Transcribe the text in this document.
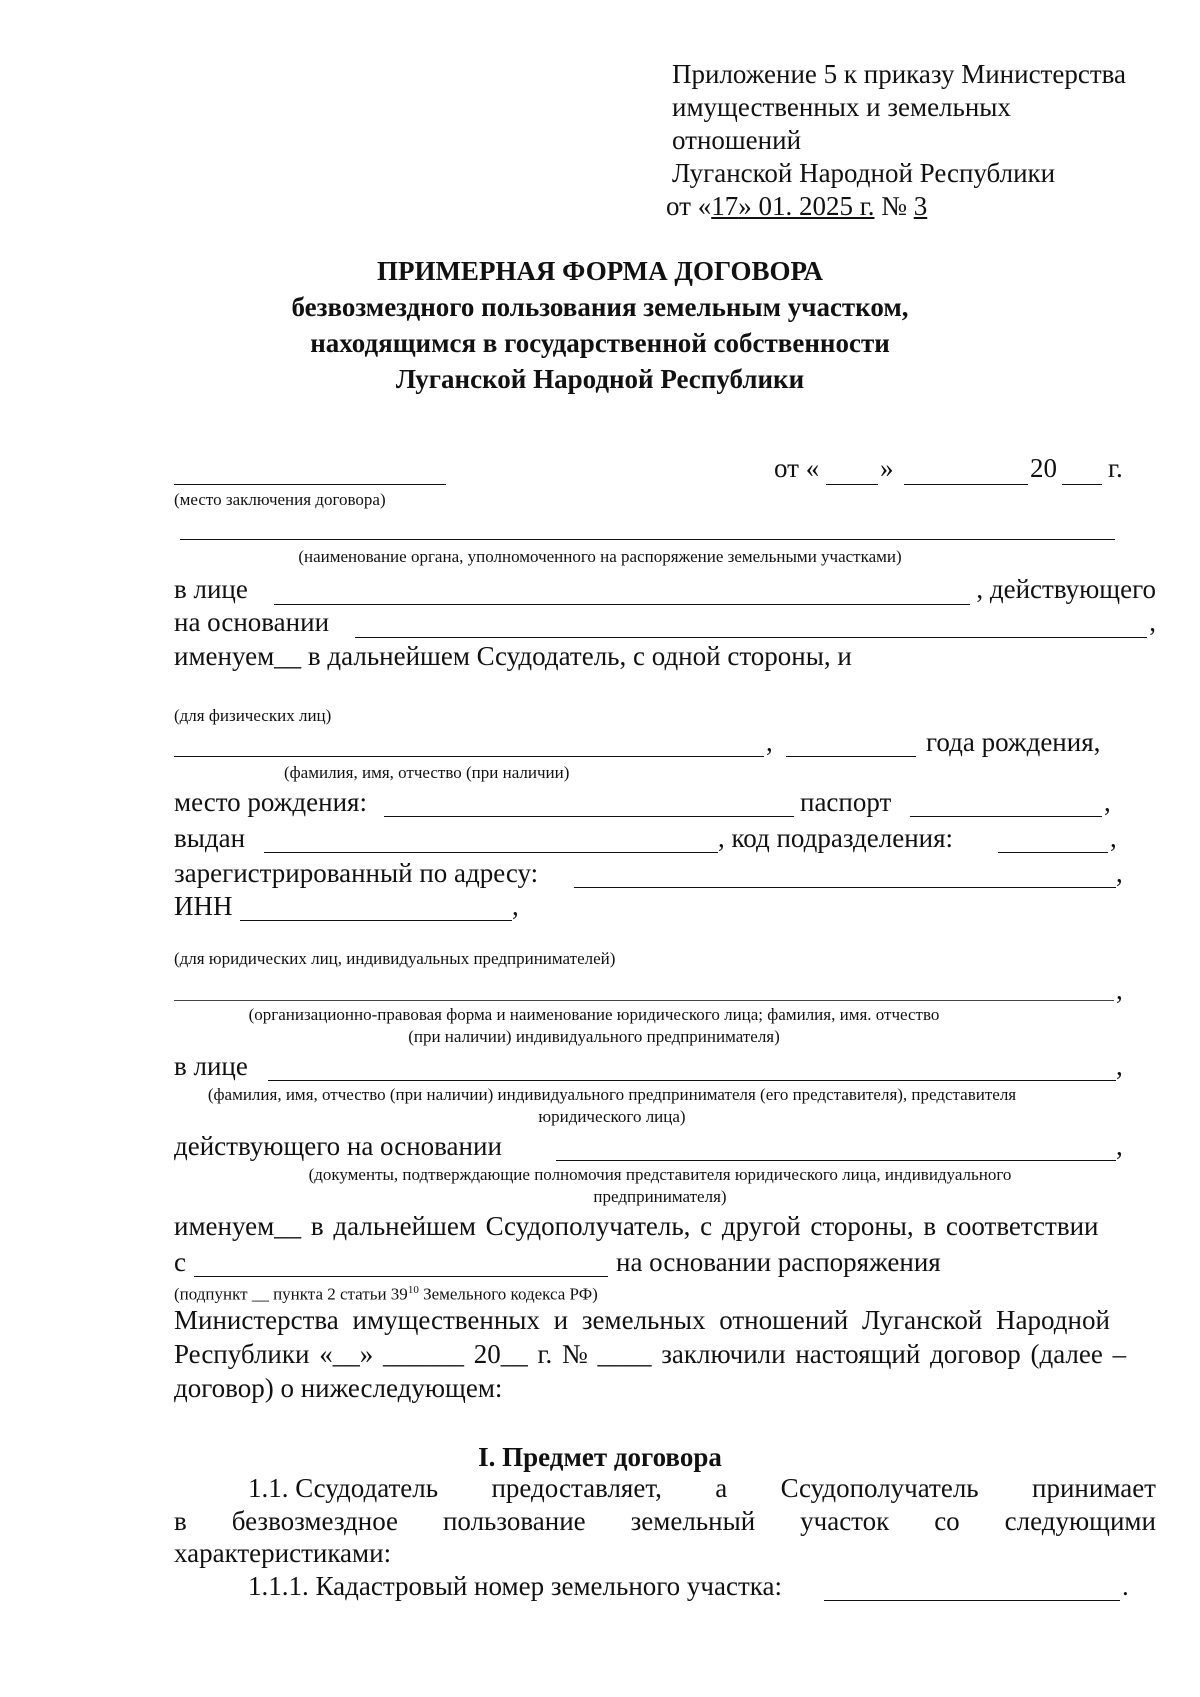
Приложение 5 к приказу Министерства
имущественных и земельных
отношений
Луганской Народной Республики
от «17» 01. 2025 г. № 3
ПРИМЕРНАЯ ФОРМА ДОГОВОРА
безвозмездного пользования земельным участком,
находящимся в государственной собственности
Луганской Народной Республики
от « »	20 г.
(место заключения договора)
(наименование органа, уполномоченного на распоряжение земельными участками)
в лице	, действующего
на основании	,
именуем__ в дальнейшем Ссудодатель, с одной стороны, и
(для физических лиц)
,	года рождения,
(фамилия, имя, отчество (при наличии)
место рождения:	паспорт	,
выдан	, код подразделения:	,
зарегистрированный по адресу:	,
ИНН	,
(для юридических лиц, индивидуальных предпринимателей)
,
(организационно-правовая форма и наименование юридического лица; фамилия, имя. отчество
(при наличии) индивидуального предпринимателя)
в лице	,
(фамилия, имя, отчество (при наличии) индивидуального предпринимателя (его представителя), представителя
юридического лица)
действующего на основании	,
(документы, подтверждающие полномочия представителя юридического лица, индивидуального
предпринимателя)
именуем__ в дальнейшем Ссудополучатель, с другой стороны, в соответствии
с	на основании распоряжения
(подпункт __ пункта 2 статьи $39^{10}$ Земельного кодекса РФ)
Министерства имущественных и земельных отношений Луганской Народной
Республики «__» ______ 20__ г. № ____ заключили настоящий договор (далее –
договор) о нижеследующем:
I. Предмет договора
1.1. Ссудодатель предоставляет, а Ссудополучатель принимает
в безвозмездное пользование земельный участок со следующими
характеристиками:
1.1.1. Кадастровый номер земельного участка:	.
